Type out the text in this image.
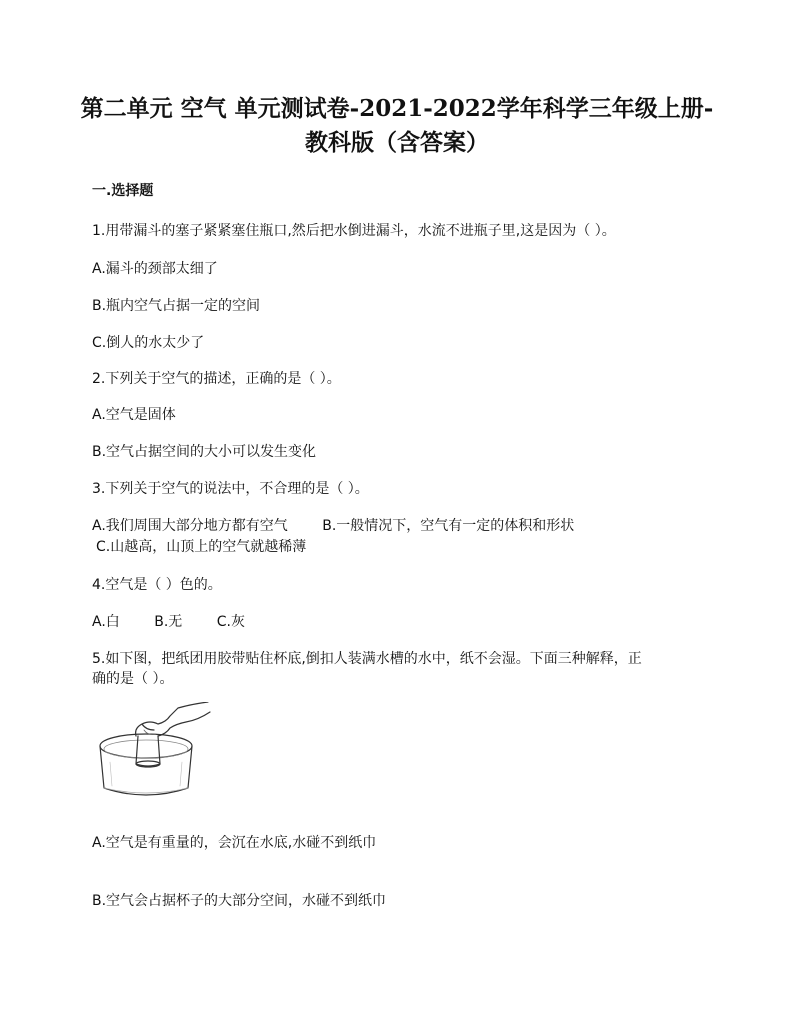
第二单元 空气 单元测试卷-2021-2022学年科学三年级上册-
教科版（含答案）
一.选择题
1.用带漏斗的塞子紧紧塞住瓶口,然后把水倒进漏斗，水流不进瓶子里,这是因为（ ）。
A.漏斗的颈部太细了
B.瓶内空气占据一定的空间
C.倒人的水太少了
2.下列关于空气的描述，正确的是（ ）。
A.空气是固体
B.空气占据空间的大小可以发生变化
3.下列关于空气的说法中，不合理的是（ ）。
A.我们周围大部分地方都有空气 B.一般情况下，空气有一定的体积和形状
C.山越高，山顶上的空气就越稀薄
4.空气是（ ）色的。
A.白 B.无 C.灰
5.如下图，把纸团用胶带贴住杯底,倒扣人装满水槽的水中，纸不会湿。下面三种解释，正
确的是（ ）。
A.空气是有重量的，会沉在水底,水碰不到纸巾
B.空气会占据杯子的大部分空间，水碰不到纸巾
